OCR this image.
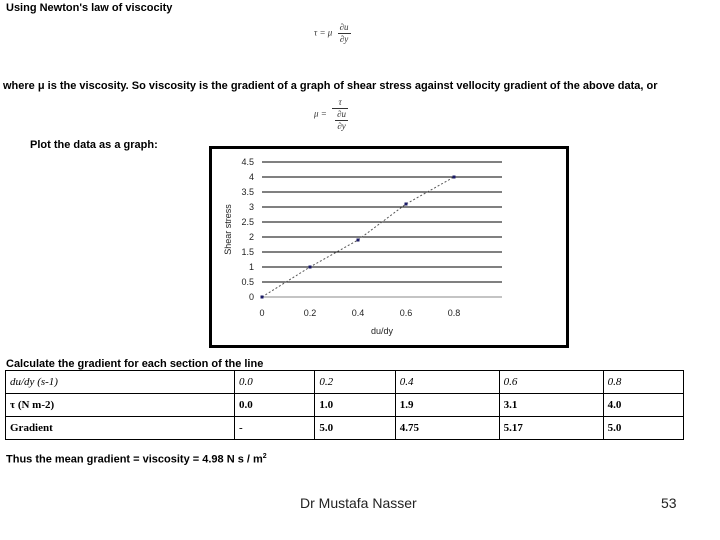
Using Newton's law of viscocity
τ = μ $\frac{\partial u}{\partial y}$
where μ is the viscosity. So viscosity is the gradient of a graph of shear stress against vellocity gradient of the above data, or
$\mu = \frac{\tau}{\frac{\partial u}{\partial y}}$
Plot the data as a graph:
0
0.5
1
1.5
2
2.5
3
3.5
4
4.5
0	0.2	0.4	0.6	0.8
du/dy
Shear stress
Calculate the gradient for each section of the line
du/dy (s-1)	0.0	0.2	0.4	0.6	0.8
τ (N m-2)	0.0	1.0	1.9	3.1	4.0
Gradient	-	5.0	4.75	5.17	5.0
Thus the mean gradient = viscosity = 4.98 N s / $m^2$
Dr Mustafa Nasser	53
